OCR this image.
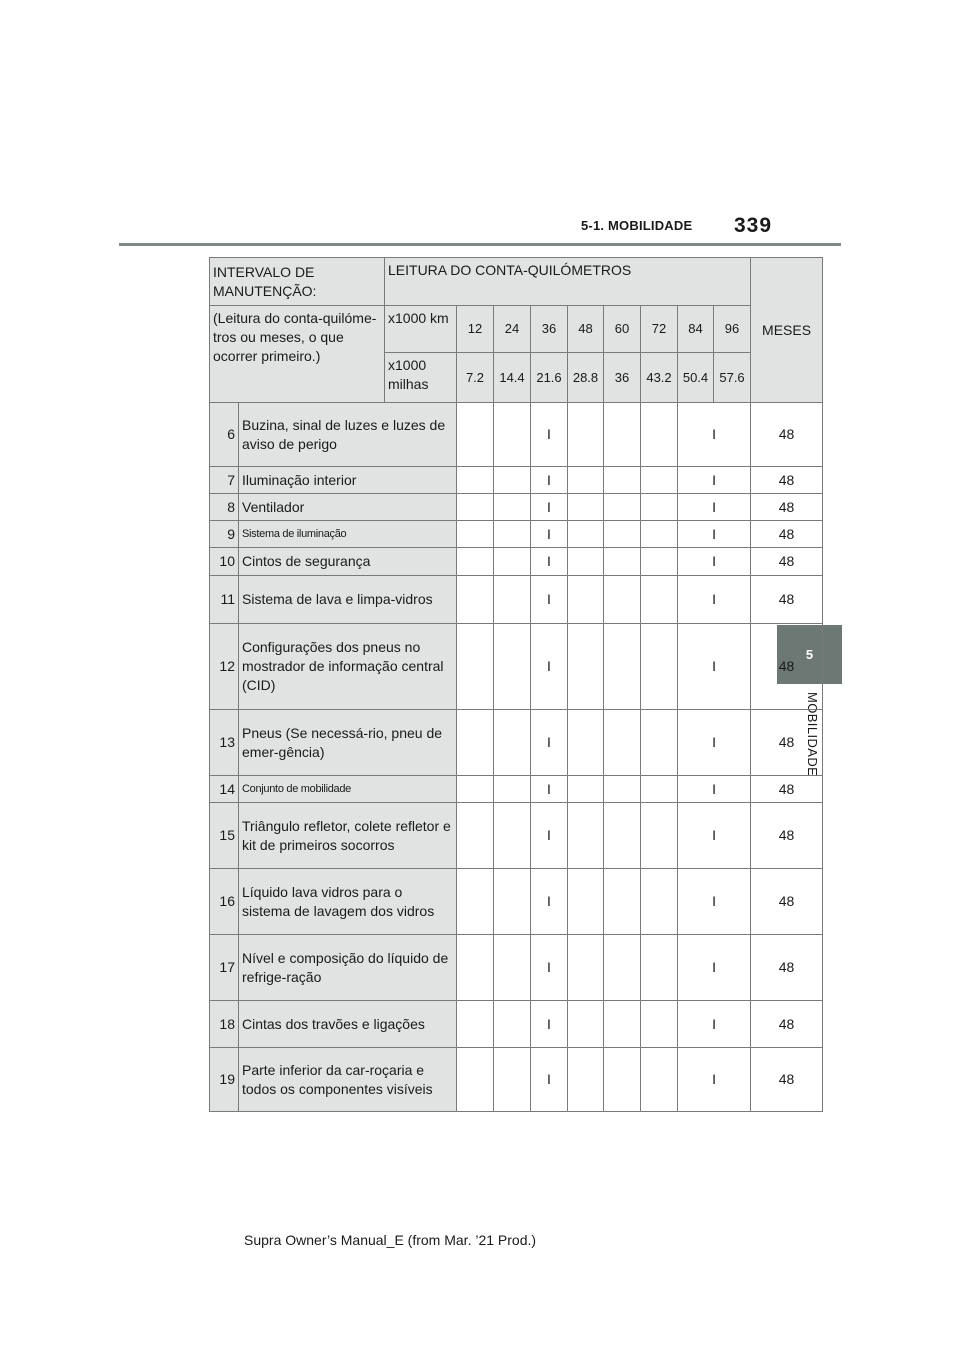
5-1. MOBILIDADE 339
5
MOBILIDADE
INTERVALO DE MANUTENÇÃO:		LEITURA DO CONTA-QUILÓMETROS									MESES
(Leitura do conta-quilóme-tros ou meses, o que ocorrer primeiro.)		x1000 km	12	24	36	48	60	72	84	96	
		x1000 milhas	7.2	14.4	21.6	28.8	36	43.2	50.4	57.6	
6	Buzina, sinal de luzes e luzes de aviso de perigo				I				I		48
7	Iluminação interior				I				I		48
8	Ventilador				I				I		48
9	Sistema de iluminação				I				I		48
10	Cintos de segurança				I				I		48
11	Sistema de lava e limpa-vidros				I				I		48
12	Configurações dos pneus no mostrador de informação central (CID)				I				I		48
13	Pneus (Se necessá-rio, pneu de emer-gência)				I				I		48
14	Conjunto de mobilidade				I				I		48
15	Triângulo refletor, colete refletor e kit de primeiros socorros				I				I		48
16	Líquido lava vidros para o sistema de lavagem dos vidros				I				I		48
17	Nível e composição do líquido de refrige-ração				I				I		48
18	Cintas dos travões e ligações				I				I		48
19	Parte inferior da car-roçaria e todos os componentes visíveis				I				I		48
Supra Owner’s Manual_E (from Mar. ’21 Prod.)
